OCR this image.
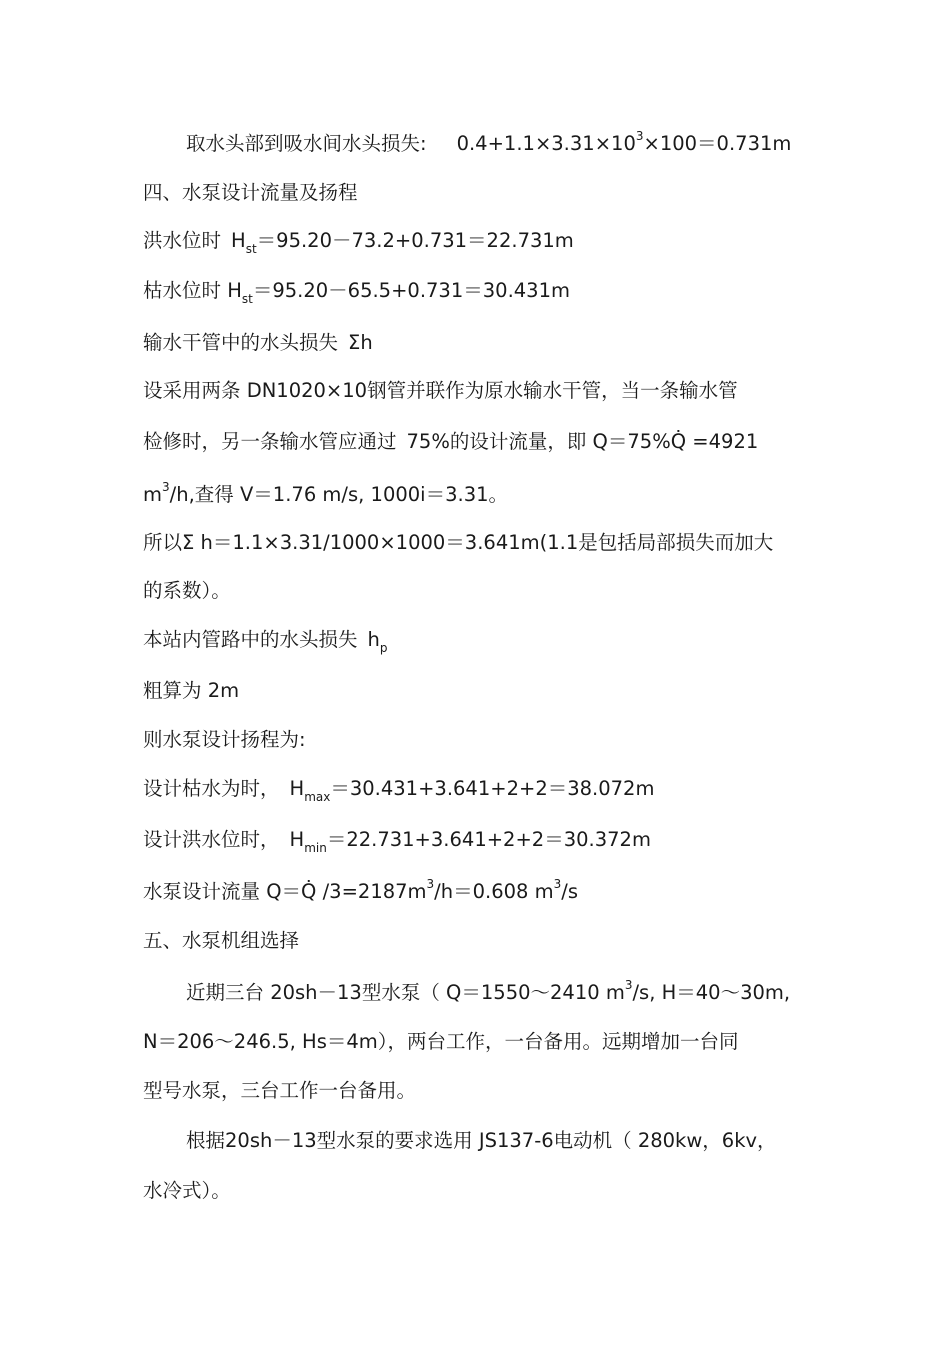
取水头部到吸水间水头损失: $0.4+1.1\times 3.31\times 10^3\times 100=0.731m$
四、水泵设计流量及扬程
洪水位时 $H_{st}=95.20-73.2+0.731=22.731m$
枯水位时 $H_{st}=95.20-65.5+0.731=30.431m$
输水干管中的水头损失 Σh
设采用两条 DN1020×10钢管并联作为原水输水干管，当一条输水管
检修时，另一条输水管应通过 75%的设计流量，即 Q＝75%Q̇ =4921
$m^3/h$,查得 V＝1.76 m/s, 1000i＝3.31。
所以Σ h＝1.1×3.31/1000×1000＝3.641m(1.1是包括局部损失而加大
的系数）。
本站内管路中的水头损失 $h_p$
粗算为 2m
则水泵设计扬程为:
设计枯水为时， $H_{max}=30.431+3.641+2+2=38.072m$
设计洪水位时， $H_{min}=22.731+3.641+2+2=30.372m$
水泵设计流量 Q＝Q̇ $/3=2187m^3/h=0.608$ $m^3/s$
五、水泵机组选择
近期三台 20sh－13型水泵（ Q＝1550～2410 $m^3/s$, H＝40～30m,
N＝206～246.5, Hs＝4m），两台工作，一台备用。远期增加一台同
型号水泵，三台工作一台备用。
根据20sh－13型水泵的要求选用 JS137-6电动机（ 280kw，6kv，
水冷式）。
